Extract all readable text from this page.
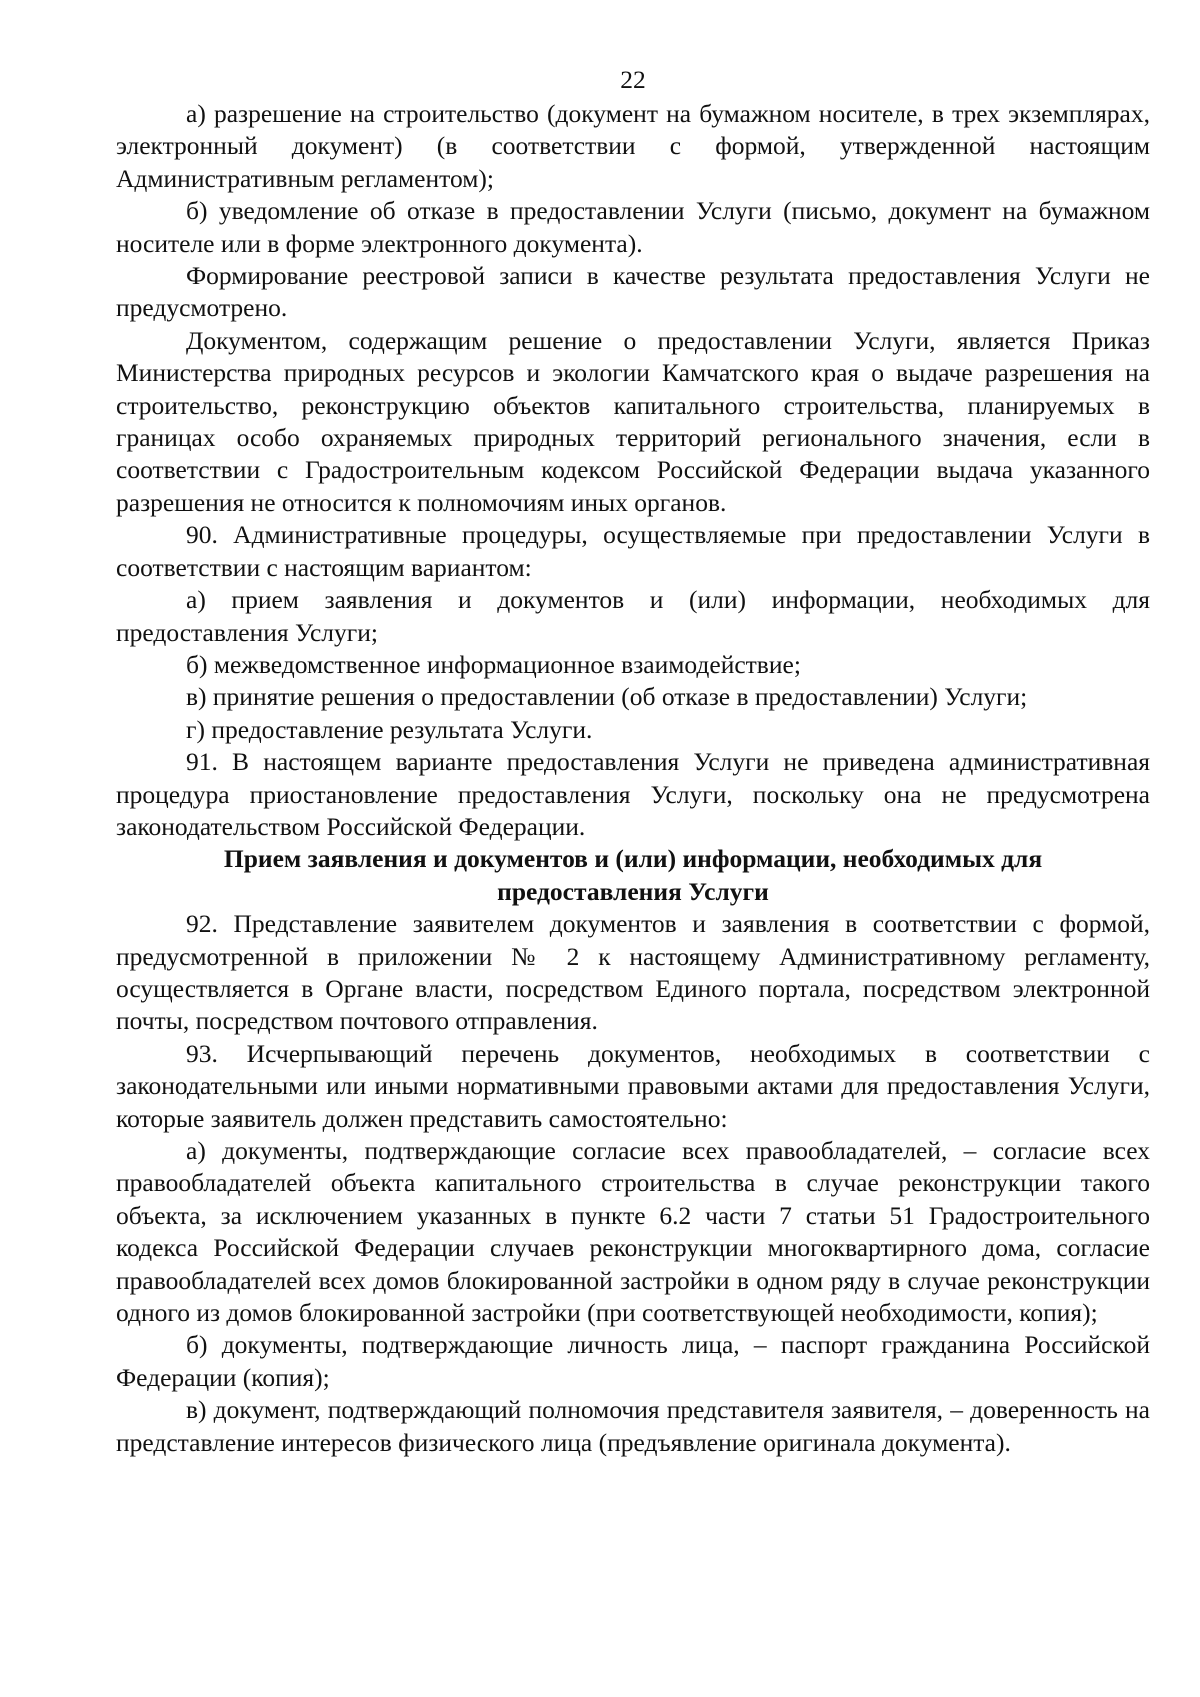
22

а) разрешение на строительство (документ на бумажном носителе, в трех экземплярах, электронный документ) (в соответствии с формой, утвержденной настоящим Административным регламентом);

б) уведомление об отказе в предоставлении Услуги (письмо, документ на бумажном носителе или в форме электронного документа).

Формирование реестровой записи в качестве результата предоставления Услуги не предусмотрено.

Документом, содержащим решение о предоставлении Услуги, является Приказ Министерства природных ресурсов и экологии Камчатского края о выдаче разрешения на строительство, реконструкцию объектов капитального строительства, планируемых в границах особо охраняемых природных территорий регионального значения, если в соответствии с Градостроительным кодексом Российской Федерации выдача указанного разрешения не относится к полномочиям иных органов.

90. Административные процедуры, осуществляемые при предоставлении Услуги в соответствии с настоящим вариантом:

а) прием заявления и документов и (или) информации, необходимых для предоставления Услуги;

б) межведомственное информационное взаимодействие;

в) принятие решения о предоставлении (об отказе в предоставлении) Услуги;

г) предоставление результата Услуги.

91. В настоящем варианте предоставления Услуги не приведена административная процедура приостановление предоставления Услуги, поскольку она не предусмотрена законодательством Российской Федерации.

Прием заявления и документов и (или) информации, необходимых для предоставления Услуги

92. Представление заявителем документов и заявления в соответствии с формой, предусмотренной в приложении № 2 к настоящему Административному регламенту, осуществляется в Органе власти, посредством Единого портала, посредством электронной почты, посредством почтового отправления.

93. Исчерпывающий перечень документов, необходимых в соответствии с законодательными или иными нормативными правовыми актами для предоставления Услуги, которые заявитель должен представить самостоятельно:

а) документы, подтверждающие согласие всех правообладателей, – согласие всех правообладателей объекта капитального строительства в случае реконструкции такого объекта, за исключением указанных в пункте 6.2 части 7 статьи 51 Градостроительного кодекса Российской Федерации случаев реконструкции многоквартирного дома, согласие правообладателей всех домов блокированной застройки в одном ряду в случае реконструкции одного из домов блокированной застройки (при соответствующей необходимости, копия);

б) документы, подтверждающие личность лица, – паспорт гражданина Российской Федерации (копия);

в) документ, подтверждающий полномочия представителя заявителя, – доверенность на представление интересов физического лица (предъявление оригинала документа).
